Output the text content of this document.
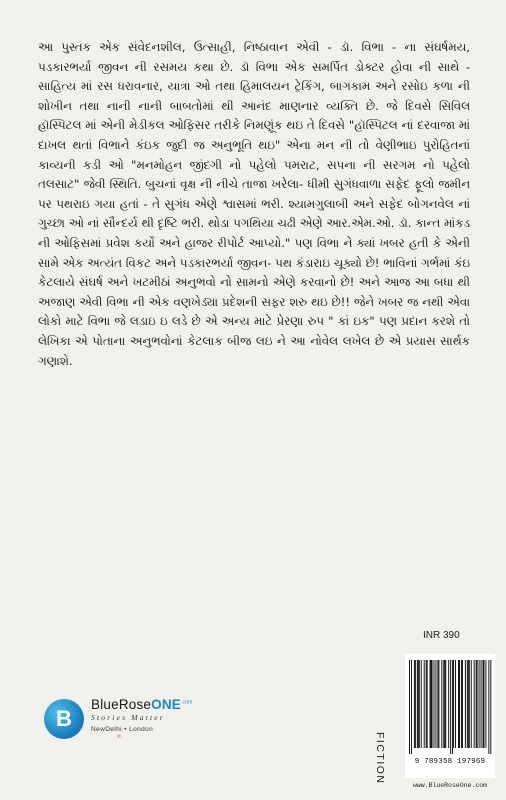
આ પુસ્તક એક સંવેદનશીલ, ઉત્સાહી, નિષ્ઠાવાન એવી - ડૉ. વિભા - ના સંઘર્ષમય, પડકારભર્યા જીવન ની રસમય કથા છે. ડૉ વિભા એક સમર્પિત ડોક્ટર હોવા ની સાથે - સાહિત્ય માં રસ ધરાવનાર, યાત્રા ઓ તથા હિમાલયન ટ્રેકિંગ, બાગકામ અને રસોઇ કળા ની શોખીન તથા નાની નાની બાબતોમાં થી આનંદ માણનાર વ્યક્તિ છે. જે દિવસે સિવિલ હૉસ્પિટલ માં એની મેડીકલ ઓફિસર તરીકે નિમણૂંક થઇ તે દિવસે "હૉસ્પિટલ નાં દરવાજા માં દાખલ થતાં વિભાને કંઇક જુદી જ અનુભૂતિ થઇ" એના મન ની તો વેણીભાઇ પુરોહિતનાં કાવ્યની કડી ઓ "મનમોહન જીંદગી નો પહેલો પમરાટ, સપના ની સરગમ નો પહેલો તલસાટ" જેવી સ્થિતિ. બુચનાં વૃક્ષ ની નીચે તાજા ખરેલા- ધીમી સુગંધવાળા સફેદ ફૂલો જમીન પર પથરાઇ ગયા હતાં - તે સુગંધ એણે શ્વાસમાં ભરી. શ્યામગુલાબી અને સફેદ બોગનવેલ નાં ગુચ્છા ઓ નાં સૌન્દર્ય થી દૃષ્ટિ ભરી. થોડા પગથિયા ચઢી એણે આર.એમ.ઓ. ડૉ. કાન્ત માંકડ ની ઓફિસમાં પ્રવેશ કર્યો અને હાજર રીપોર્ટ આપ્યો." પણ વિભા ને ક્યાં ખબર હતી કે એની સામે એક અત્યંત વિકટ અને પડકારભર્યા જીવન- પથ કંડારાઇ ચૂક્યો છે! ભાવિનાં ગર્ભમાં કંઇ કેટલાયે સંઘર્ષ અને ખટમીઠાં અનુભવો નો સામનો એણે કરવાનો છે! અને આજ આ બધા થી અજાણ એવી વિભા ની એક વણખેડ્યા પ્રદેશની સફર શરુ થઇ છે!! જેને ખબર જ નથી એવા લોકો માટે વિભા જે લડાઇ ઇ લડે છે એ અન્ય માટે પ્રેરણા રુપ " કાં ઇક" પણ પ્રદાન કરશે તો લેખિકા એ પોતાના અનુભવોનાં કેટલાક બીજ લઇ ને આ નોવેલ લખેલ છે એ પ્રયાસ સાર્થક ગણાશે.

INR 390
B
BlueRoseONE$^{.com}$
Stories Matter
NewDelhi • London
℗	FICTION	9 789358 197969
www.BlueRoseOne.com
